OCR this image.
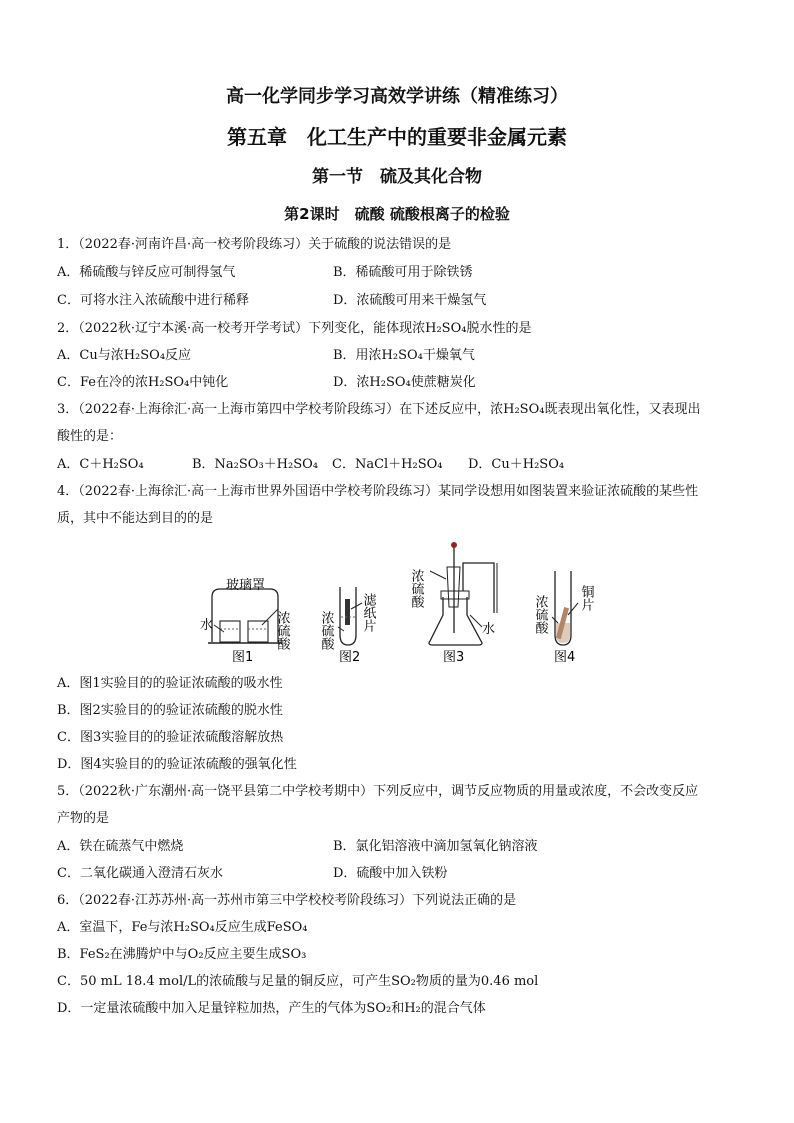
高一化学同步学习高效学讲练（精准练习）
第五章　化工生产中的重要非金属元素
第一节　硫及其化合物
第2课时　硫酸 硫酸根离子的检验
1．（2022春·河南许昌·高一校考阶段练习）关于硫酸的说法错误的是
A．稀硫酸与锌反应可制得氢气	B．稀硫酸可用于除铁锈
C．可将水注入浓硫酸中进行稀释	D．浓硫酸可用来干燥氢气
2．（2022秋·辽宁本溪·高一校考开学考试）下列变化，能体现浓H₂SO₄脱水性的是
A．Cu与浓H₂SO₄反应	B．用浓H₂SO₄干燥氧气
C．Fe在冷的浓H₂SO₄中钝化	D．浓H₂SO₄使蔗糖炭化
3．（2022春·上海徐汇·高一上海市第四中学校考阶段练习）在下述反应中，浓H₂SO₄既表现出氧化性，又表现出
酸性的是：
A．C＋H₂SO₄	B．Na₂SO₃＋H₂SO₄ C．NaCl＋H₂SO₄ D．Cu＋H₂SO₄
4．（2022春·上海徐汇·高一上海市世界外国语中学校考阶段练习）某同学设想用如图装置来验证浓硫酸的某些性
质，其中不能达到目的的是
玻璃罩
水	浓硫酸
图1
浓硫酸 滤纸片
图2
浓硫酸
水
图3
浓硫酸 铜片
图4
A．图1实验目的的验证浓硫酸的吸水性
B．图2实验目的的验证浓硫酸的脱水性
C．图3实验目的的验证浓硫酸溶解放热
D．图4实验目的的验证浓硫酸的强氧化性
5．（2022秋·广东潮州·高一饶平县第二中学校考期中）下列反应中，调节反应物质的用量或浓度，不会改变反应
产物的是
A．铁在硫蒸气中燃烧	B．氯化铝溶液中滴加氢氧化钠溶液
C．二氧化碳通入澄清石灰水	D．硫酸中加入铁粉
6．（2022春·江苏苏州·高一苏州市第三中学校校考阶段练习）下列说法正确的是
A．室温下，Fe与浓H₂SO₄反应生成FeSO₄
B．FeS₂在沸腾炉中与O₂反应主要生成SO₃
C．50 mL 18.4 mol/L的浓硫酸与足量的铜反应，可产生SO₂物质的量为0.46 mol
D．一定量浓硫酸中加入足量锌粒加热，产生的气体为SO₂和H₂的混合气体
